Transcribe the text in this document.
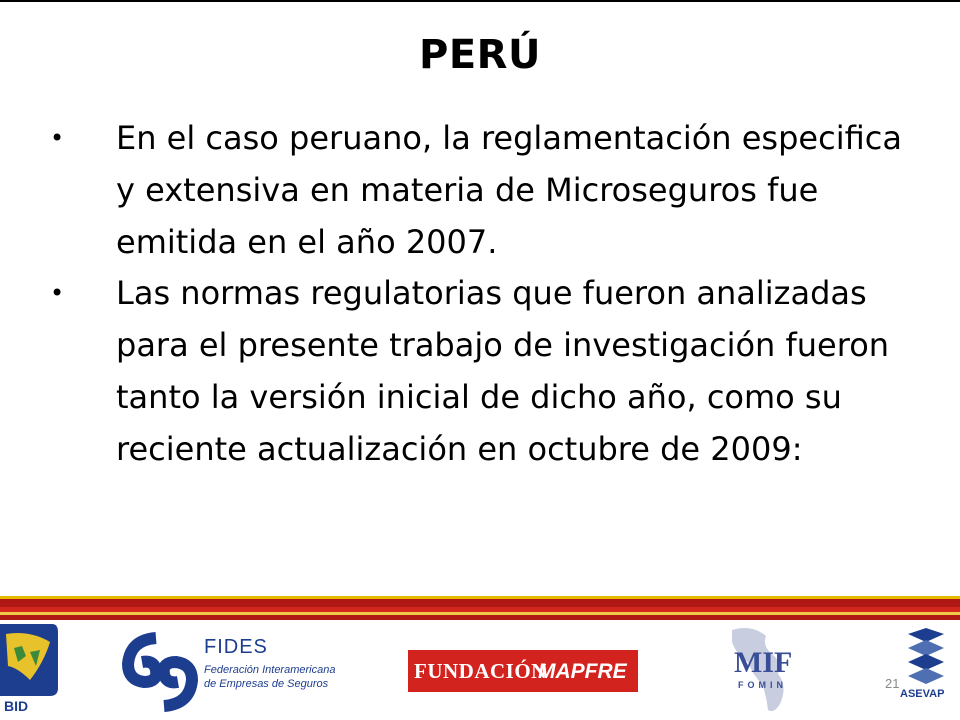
PERÚ
• En el caso peruano, la reglamentación especifica y extensiva en materia de Microseguros fue emitida en el año 2007.
• Las normas regulatorias que fueron analizadas para el presente trabajo de investigación fueron tanto la versión inicial de dicho año, como su reciente actualización en octubre de 2009:
BID
FIDES
Federación Interamericana
de Empresas de Seguros
FUNDACIÓN
MAPFRE	MIF
FOMIN
ASEVAP
21
